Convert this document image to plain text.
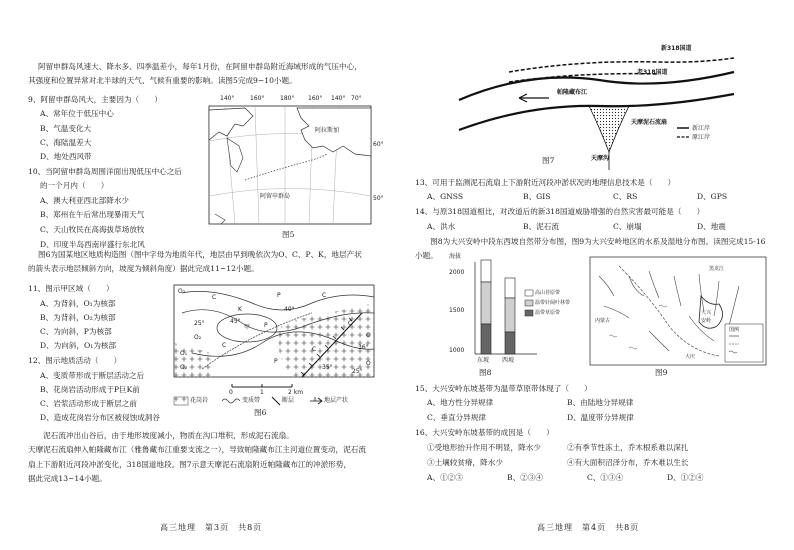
阿留申群岛风速大、降水多、四季温差小，每年1月份，在阿留申群岛附近海域形成的气压中心，
其强度和位置异常对北半球的天气、气候有重要的影响。读图5完成9~10小题。
9、阿留申群岛风大，主要因为（　　）
A、常年位于低压中心
B、气温变化大
C、海陆温差大
D、地处西风带
10、当阿留申群岛周围洋面出现低压中心之后
的一个月内（　　）
A、澳大利亚西北部降水少
B、郑州在午后常出现暴雨天气
C、天山牧民在高海拔草场放牧
D、印度半岛西南岸盛行东北风
140°	160°	180° 160° 140° 70°
阿拉斯加
阿留申群岛
60°
50°
图5
图6为国某地区地质构造图（图中字母为地质年代，地层由早到晚依次为O、C、P、K，地层产状
的箭头表示地层倾斜方向，坡度为倾斜角度）据此完成11~12小题。
11、图示甲区域（　　）
A、为背斜，O₁为核部
B、为背斜，O₂为核部
C、为向斜，P为核部
D、为向斜，O₁为核部
12、图示地质活动（　　）
A、变质带形成于断层活动之后
B、花岗岩活动形成于P巨K前
C、岩浆活动形成于断层之前
D、造成花岗岩分布区被侵蚀成洞谷
O₂
C	C
P
K
P
甲
O₂
C
O₁
O₂
P
C
O
C
O
25°
36°
45°
40°
35°
25°
0	1	2 km
花岗岩	变质带	断层	地层产状
图6
　　泥石流冲出山谷后，由于地形坡度减小，物质在沟口堆积，形成泥石流扇。
天摩泥石流扇伸入帕隆藏布江（雅鲁藏布江重要支流之一），导致帕隆藏布江主河道位置变动，泥石流
扇上下游附近河段冲淤变化，318国道地段。图7示意天摩泥石流扇附近帕隆藏布江的冲淤形势，
据此完成13~14小题。
高三地理　第3页　共8页
新318国道
老318国道
帕隆藏布江
天摩泥石流扇
天摩沟
新江岸
原江岸
图7
13、可用于监测泥石流扇上下游附近河段冲淤状况的地理信息技术是（　　）
A、GNSS	B、GIS	C、RS	D、GPS
14、与原318国道相比，对改道后的新318国道威胁增强的自然灾害最可能是（　　）
A、洪水	B、泥石流	C、崩塌	D、地震
　　图8为大兴安岭中段东西坡自然带分布图，图9为大兴安岭地区的水系及湿地分布图。读图完成15-16
小题。 海拔
2000
1500
1000
东坡 西坡
高山苔原带
温带针阔叶林带
温带草原带
图8
图例
内蒙古
黑龙江
大兴
安岭
大庆
图9
15、大兴安岭东坡基带为温带草原带体现了（　　）
A、地方性分异规律	B、由陆地分异规律
C、垂直分异规律	D、温度带分异规律
16、大兴安岭东坡基带的成因是（　　）
①受地形抬升作用不明显，降水少	②有季节性冻土，乔木根系难以深扎
③土壤较贫瘠，降水少	④有大面积沼泽分布，乔木难以生长
A、①②③	B、②③④	C、①③④	D、①②④
高三地理　第4页　共8页
